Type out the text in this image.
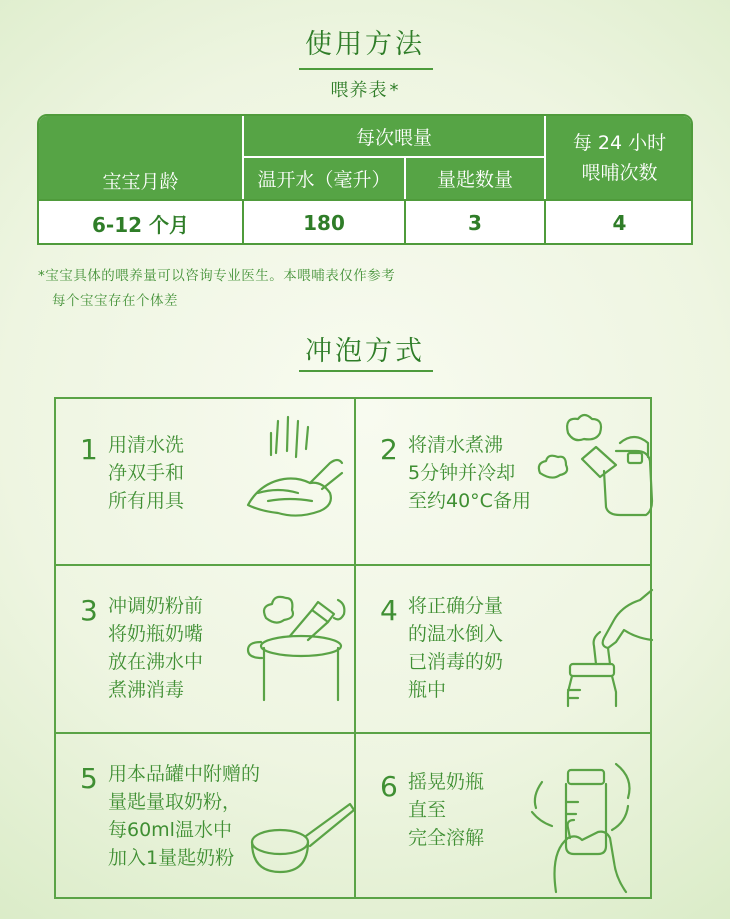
使用方法
喂养表 *
宝宝月龄
每次喂量
温开水（毫升）	量匙数量
每 24 小时
喂哺次数
6-12 个月	180	3	4
*宝宝具体的喂养量可以咨询专业医生。本喂哺表仅作参考
每个宝宝存在个体差
冲泡方式
1 用清水洗
净双手和
所有用具
2 将清水煮沸
5分钟并冷却
至约40°C备用
3 冲调奶粉前
将奶瓶奶嘴
放在沸水中
煮沸消毒
4 将正确分量
的温水倒入
已消毒的奶
瓶中
5 用本品罐中附赠的
量匙量取奶粉，
每60ml温水中
加入1量匙奶粉
6 摇晃奶瓶
直至
完全溶解
